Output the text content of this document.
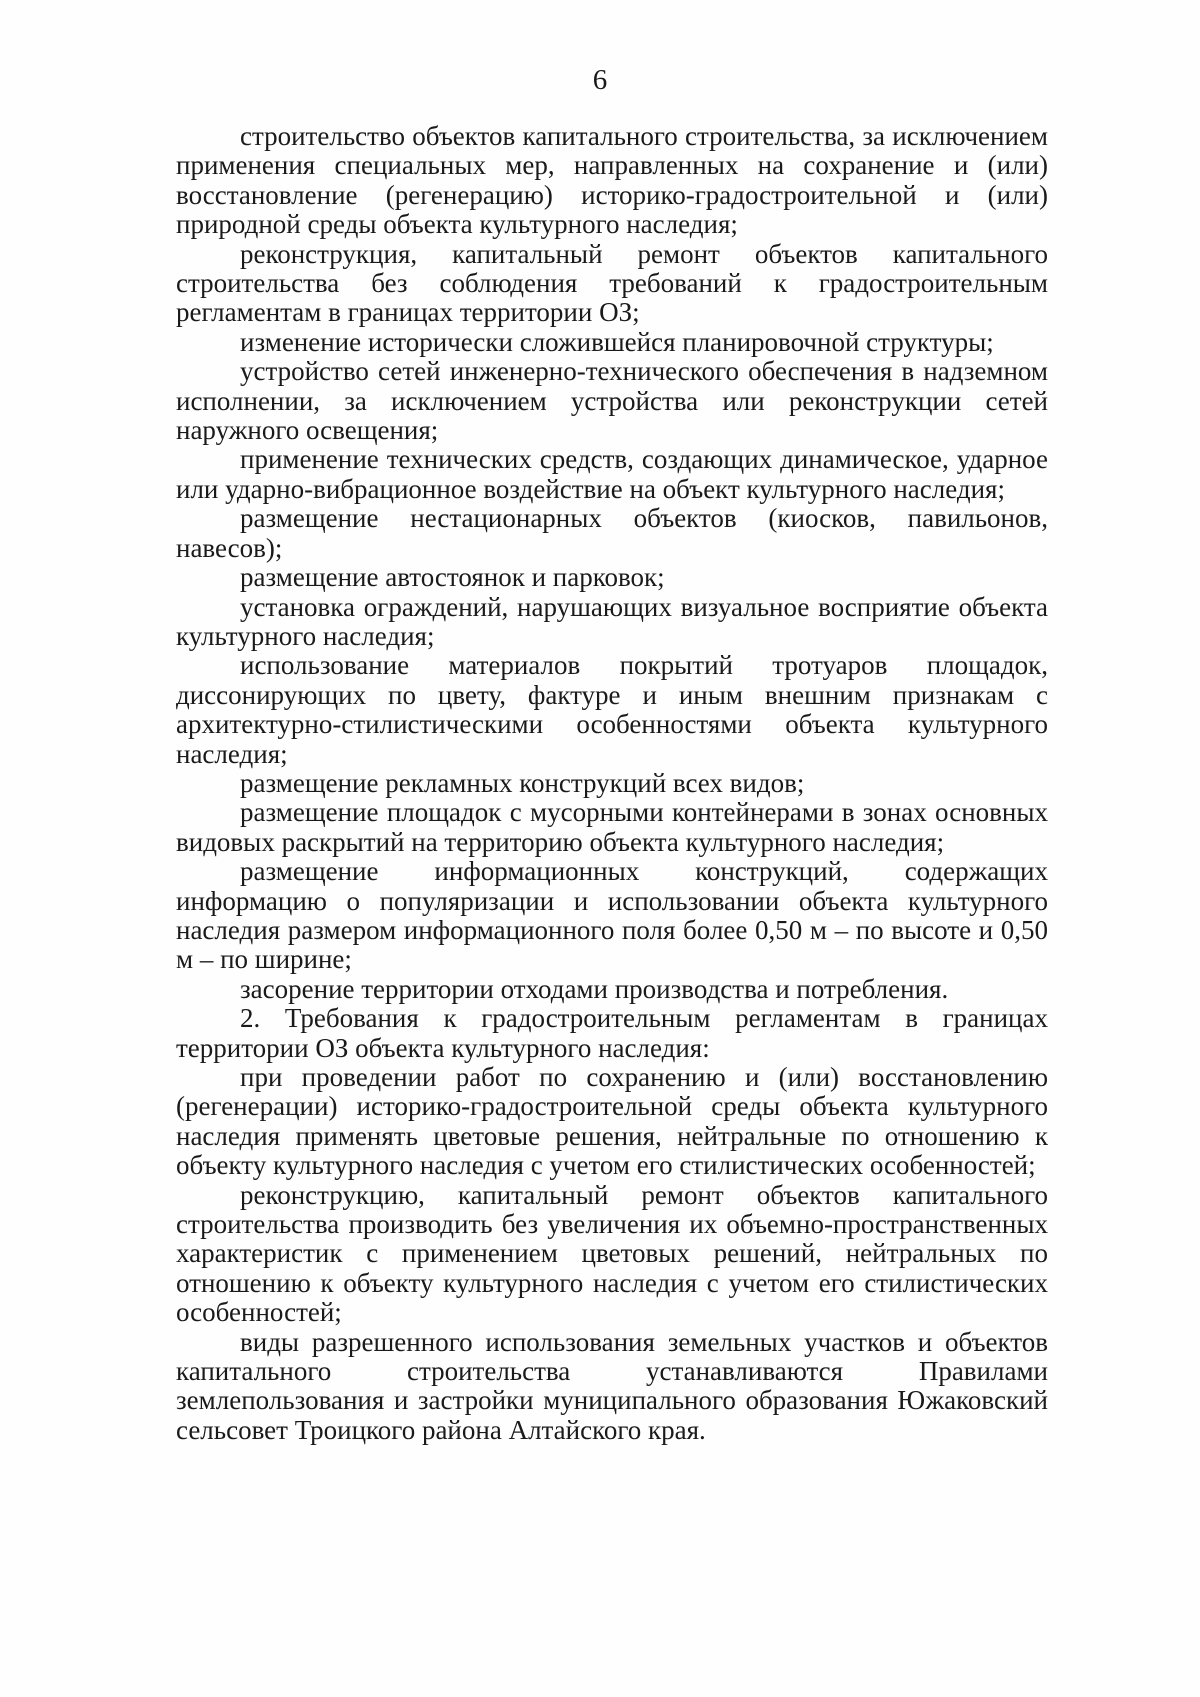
6

строительство объектов капитального строительства, за исключением применения специальных мер, направленных на сохранение и (или) восстановление (регенерацию) историко-градостроительной и (или) природной среды объекта культурного наследия;

реконструкция, капитальный ремонт объектов капитального строительства без соблюдения требований к градостроительным регламентам в границах территории ОЗ;

изменение исторически сложившейся планировочной структуры;

устройство сетей инженерно-технического обеспечения в надземном исполнении, за исключением устройства или реконструкции сетей наружного освещения;

применение технических средств, создающих динамическое, ударное или ударно-вибрационное воздействие на объект культурного наследия;

размещение нестационарных объектов (киосков, павильонов, навесов);

размещение автостоянок и парковок;

установка ограждений, нарушающих визуальное восприятие объекта культурного наследия;

использование материалов покрытий тротуаров площадок, диссонирующих по цвету, фактуре и иным внешним признакам с архитектурно-стилистическими особенностями объекта культурного наследия;

размещение рекламных конструкций всех видов;

размещение площадок с мусорными контейнерами в зонах основных видовых раскрытий на территорию объекта культурного наследия;

размещение информационных конструкций, содержащих информацию о популяризации и использовании объекта культурного наследия размером информационного поля более 0,50 м – по высоте и 0,50 м – по ширине;

засорение территории отходами производства и потребления.

2. Требования к градостроительным регламентам в границах территории ОЗ объекта культурного наследия:

при проведении работ по сохранению и (или) восстановлению (регенерации) историко-градостроительной среды объекта культурного наследия применять цветовые решения, нейтральные по отношению к объекту культурного наследия с учетом его стилистических особенностей;

реконструкцию, капитальный ремонт объектов капитального строительства производить без увеличения их объемно-пространственных характеристик с применением цветовых решений, нейтральных по отношению к объекту культурного наследия с учетом его стилистических особенностей;

виды разрешенного использования земельных участков и объектов капитального строительства устанавливаются Правилами землепользования и застройки муниципального образования Южаковский сельсовет Троицкого района Алтайского края.
